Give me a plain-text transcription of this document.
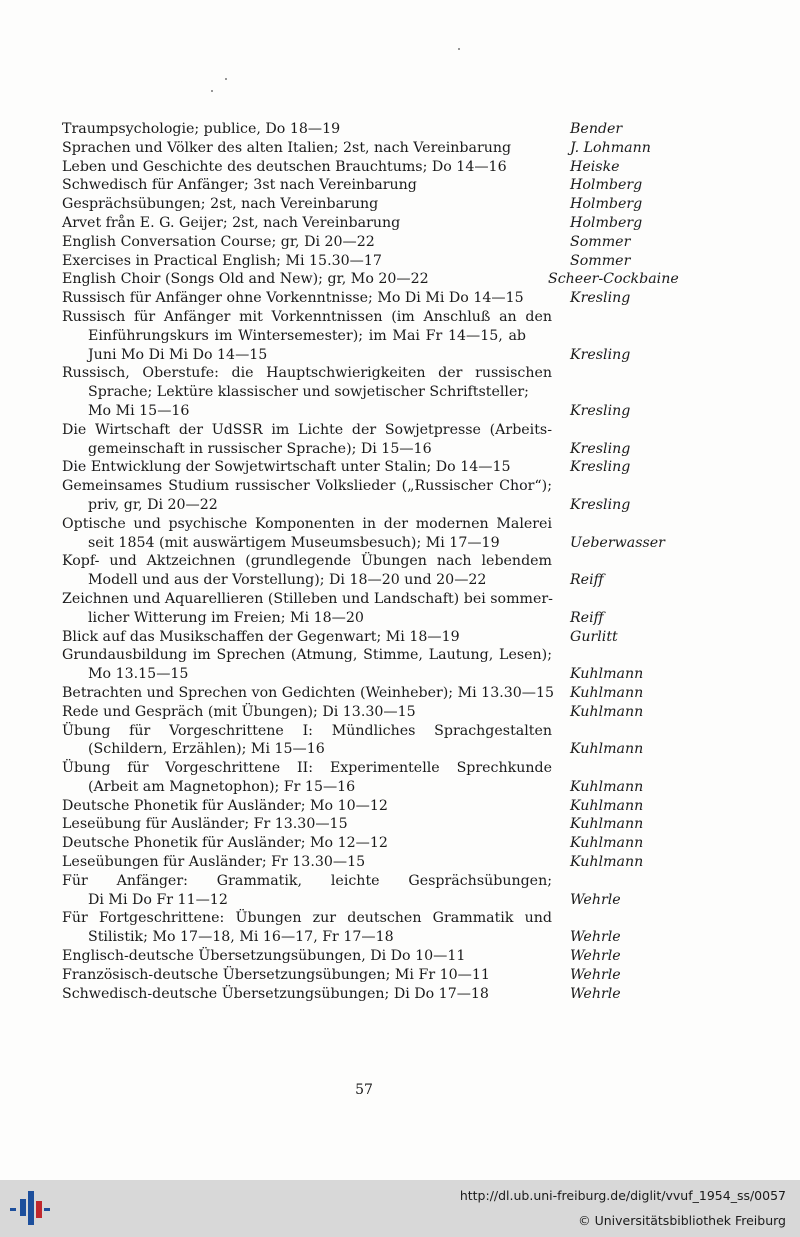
Traumpsychologie; publice, Do 18—19	Bender
Sprachen und Völker des alten Italien; 2st, nach Vereinbarung	J. Lohmann
Leben und Geschichte des deutschen Brauchtums; Do 14—16	Heiske
Schwedisch für Anfänger; 3st nach Vereinbarung	Holmberg
Gesprächsübungen; 2st, nach Vereinbarung	Holmberg
Arvet från E. G. Geijer; 2st, nach Vereinbarung	Holmberg
English Conversation Course; gr, Di 20—22	Sommer
Exercises in Practical English; Mi 15.30—17	Sommer
English Choir (Songs Old and New); gr, Mo 20—22	Scheer-Cockbaine
Russisch für Anfänger ohne Vorkenntnisse; Mo Di Mi Do 14—15	Kresling
Russisch für Anfänger mit Vorkenntnissen (im Anschluß an den
Einführungskurs im Wintersemester); im Mai Fr 14—15, ab
Juni Mo Di Mi Do 14—15	Kresling
Russisch, Oberstufe: die Hauptschwierigkeiten der russischen
Sprache; Lektüre klassischer und sowjetischer Schriftsteller;
Mo Mi 15—16	Kresling
Die Wirtschaft der UdSSR im Lichte der Sowjetpresse (Arbeits-
gemeinschaft in russischer Sprache); Di 15—16	Kresling
Die Entwicklung der Sowjetwirtschaft unter Stalin; Do 14—15	Kresling
Gemeinsames Studium russischer Volkslieder („Russischer Chor“);
priv, gr, Di 20—22	Kresling
Optische und psychische Komponenten in der modernen Malerei
seit 1854 (mit auswärtigem Museumsbesuch); Mi 17—19	Ueberwasser
Kopf- und Aktzeichnen (grundlegende Übungen nach lebendem
Modell und aus der Vorstellung); Di 18—20 und 20—22	Reiff
Zeichnen und Aquarellieren (Stilleben und Landschaft) bei sommer-
licher Witterung im Freien; Mi 18—20	Reiff
Blick auf das Musikschaffen der Gegenwart; Mi 18—19	Gurlitt
Grundausbildung im Sprechen (Atmung, Stimme, Lautung, Lesen);
Mo 13.15—15	Kuhlmann
Betrachten und Sprechen von Gedichten (Weinheber); Mi 13.30—15 Kuhlmann
Rede und Gespräch (mit Übungen); Di 13.30—15	Kuhlmann
Übung für Vorgeschrittene I: Mündliches Sprachgestalten
(Schildern, Erzählen); Mi 15—16	Kuhlmann
Übung für Vorgeschrittene II: Experimentelle Sprechkunde
(Arbeit am Magnetophon); Fr 15—16	Kuhlmann
Deutsche Phonetik für Ausländer; Mo 10—12	Kuhlmann
Leseübung für Ausländer; Fr 13.30—15	Kuhlmann
Deutsche Phonetik für Ausländer; Mo 12—12	Kuhlmann
Leseübungen für Ausländer; Fr 13.30—15	Kuhlmann
Für Anfänger: Grammatik, leichte Gesprächsübungen;
Di Mi Do Fr 11—12	Wehrle
Für Fortgeschrittene: Übungen zur deutschen Grammatik und
Stilistik; Mo 17—18, Mi 16—17, Fr 17—18	Wehrle
Englisch-deutsche Übersetzungsübungen, Di Do 10—11	Wehrle
Französisch-deutsche Übersetzungsübungen; Mi Fr 10—11	Wehrle
Schwedisch-deutsche Übersetzungsübungen; Di Do 17—18	Wehrle
57
http://dl.ub.uni-freiburg.de/diglit/vvuf_1954_ss/0057
© Universitätsbibliothek Freiburg
